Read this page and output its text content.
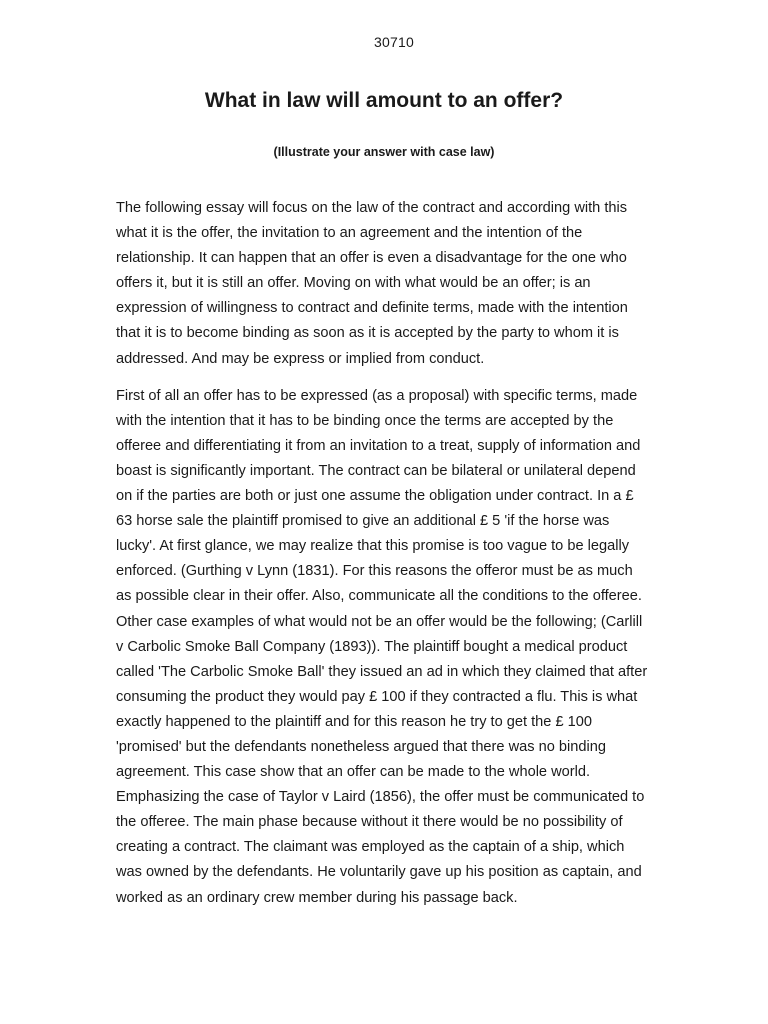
30710
What in law will amount to an offer?
(Illustrate your answer with case law)

The following essay will focus on the law of the contract and according with this what it is the offer, the invitation to an agreement and the intention of the relationship. It can happen that an offer is even a disadvantage for the one who offers it, but it is still an offer. Moving on with what would be an offer; is an expression of willingness to contract and definite terms, made with the intention that it is to become binding as soon as it is accepted by the party to whom it is addressed. And may be express or implied from conduct.

First of all an offer has to be expressed (as a proposal) with specific terms, made with the intention that it has to be binding once the terms are accepted by the offeree and differentiating it from an invitation to a treat, supply of information and boast is significantly important. The contract can be bilateral or unilateral depend on if the parties are both or just one assume the obligation under contract. In a £ 63 horse sale the plaintiff promised to give an additional £ 5 'if the horse was lucky'. At first glance, we may realize that this promise is too vague to be legally enforced. (Gurthing v Lynn (1831). For this reasons the offeror must be as much as possible clear in their offer. Also, communicate all the conditions to the offeree. Other case examples of what would not be an offer would be the following; (Carlill v Carbolic Smoke Ball Company (1893)). The plaintiff bought a medical product called 'The Carbolic Smoke Ball' they issued an ad in which they claimed that after consuming the product they would pay £ 100 if they contracted a flu. This is what exactly happened to the plaintiff and for this reason he try to get the £ 100 'promised' but the defendants nonetheless argued that there was no binding agreement. This case show that an offer can be made to the whole world. Emphasizing the case of Taylor v Laird (1856), the offer must be communicated to the offeree. The main phase because without it there would be no possibility of creating a contract. The claimant was employed as the captain of a ship, which was owned by the defendants. He voluntarily gave up his position as captain, and worked as an ordinary crew member during his passage back.
